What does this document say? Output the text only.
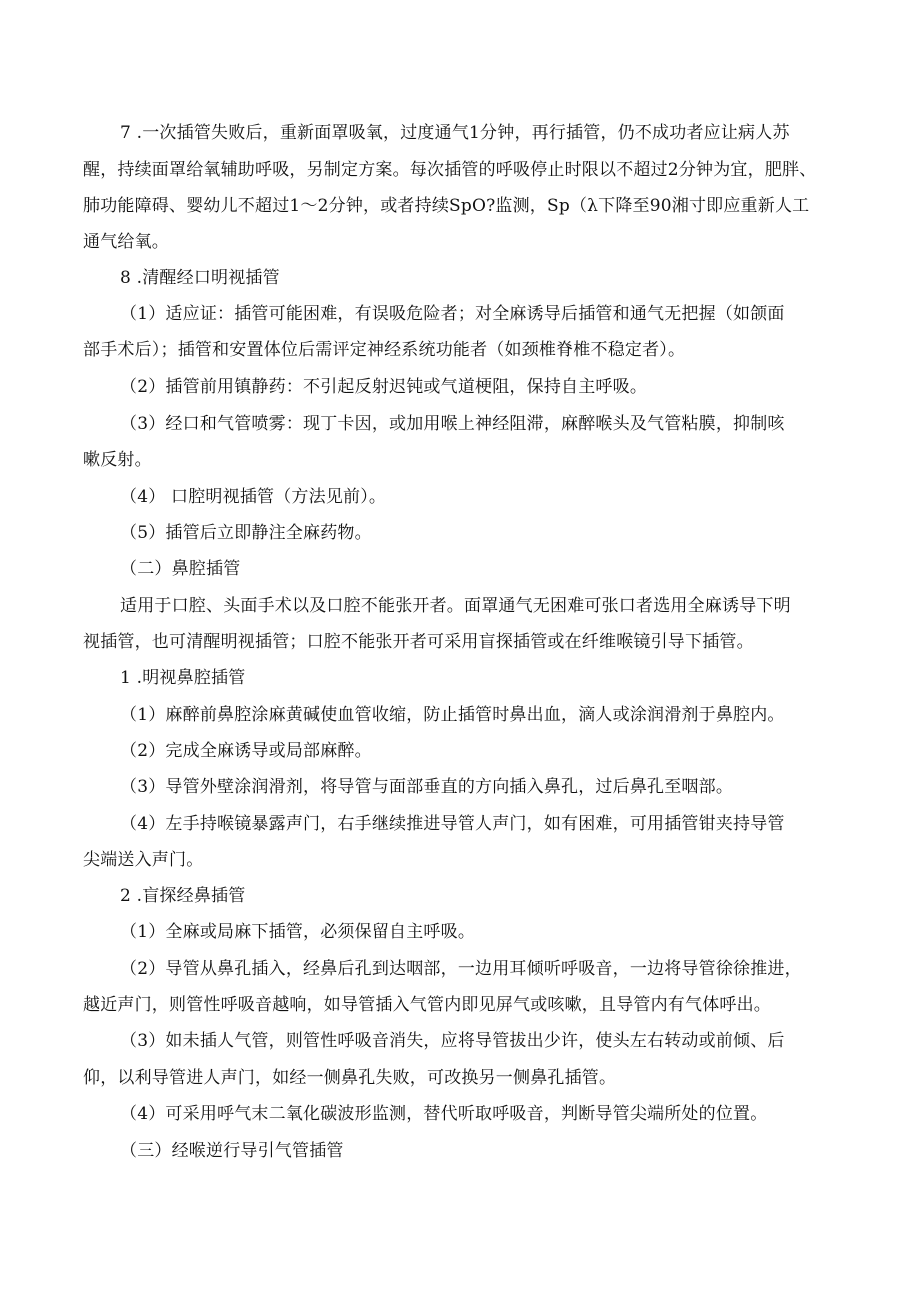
7 .一次插管失败后，重新面罩吸氧，过度通气1分钟，再行插管，仍不成功者应让病人苏
醒，持续面罩给氧辅助呼吸，另制定方案。每次插管的呼吸停止时限以不超过2分钟为宜，肥胖、
肺功能障碍、婴幼儿不超过1～2分钟，或者持续SpO?监测，Sp（λ下降至90湘寸即应重新人工
通气给氧。
8 .清醒经口明视插管
（1）适应证：插管可能困难，有误吸危险者；对全麻诱导后插管和通气无把握（如颌面
部手术后）；插管和安置体位后需评定神经系统功能者（如颈椎脊椎不稳定者）。
（2）插管前用镇静药：不引起反射迟钝或气道梗阻，保持自主呼吸。
（3）经口和气管喷雾：现丁卡因，或加用喉上神经阻滞，麻醉喉头及气管粘膜，抑制咳
嗽反射。
（4） 口腔明视插管（方法见前）。
（5）插管后立即静注全麻药物。
（二）鼻腔插管
适用于口腔、头面手术以及口腔不能张开者。面罩通气无困难可张口者选用全麻诱导下明
视插管，也可清醒明视插管；口腔不能张开者可采用盲探插管或在纤维喉镜引导下插管。
1 .明视鼻腔插管
（1）麻醉前鼻腔涂麻黄碱使血管收缩，防止插管时鼻出血，滴人或涂润滑剂于鼻腔内。
（2）完成全麻诱导或局部麻醉。
（3）导管外壁涂润滑剂，将导管与面部垂直的方向插入鼻孔，过后鼻孔至咽部。
（4）左手持喉镜暴露声门，右手继续推进导管人声门，如有困难，可用插管钳夹持导管
尖端送入声门。
2 .盲探经鼻插管
（1）全麻或局麻下插管，必须保留自主呼吸。
（2）导管从鼻孔插入，经鼻后孔到达咽部，一边用耳倾听呼吸音，一边将导管徐徐推进，
越近声门，则管性呼吸音越响，如导管插入气管内即见屏气或咳嗽，且导管内有气体呼出。
（3）如未插人气管，则管性呼吸音消失，应将导管拔出少许，使头左右转动或前倾、后
仰，以利导管进人声门，如经一侧鼻孔失败，可改换另一侧鼻孔插管。
（4）可采用呼气末二氧化碳波形监测，替代听取呼吸音，判断导管尖端所处的位置。
（三）经喉逆行导引气管插管
